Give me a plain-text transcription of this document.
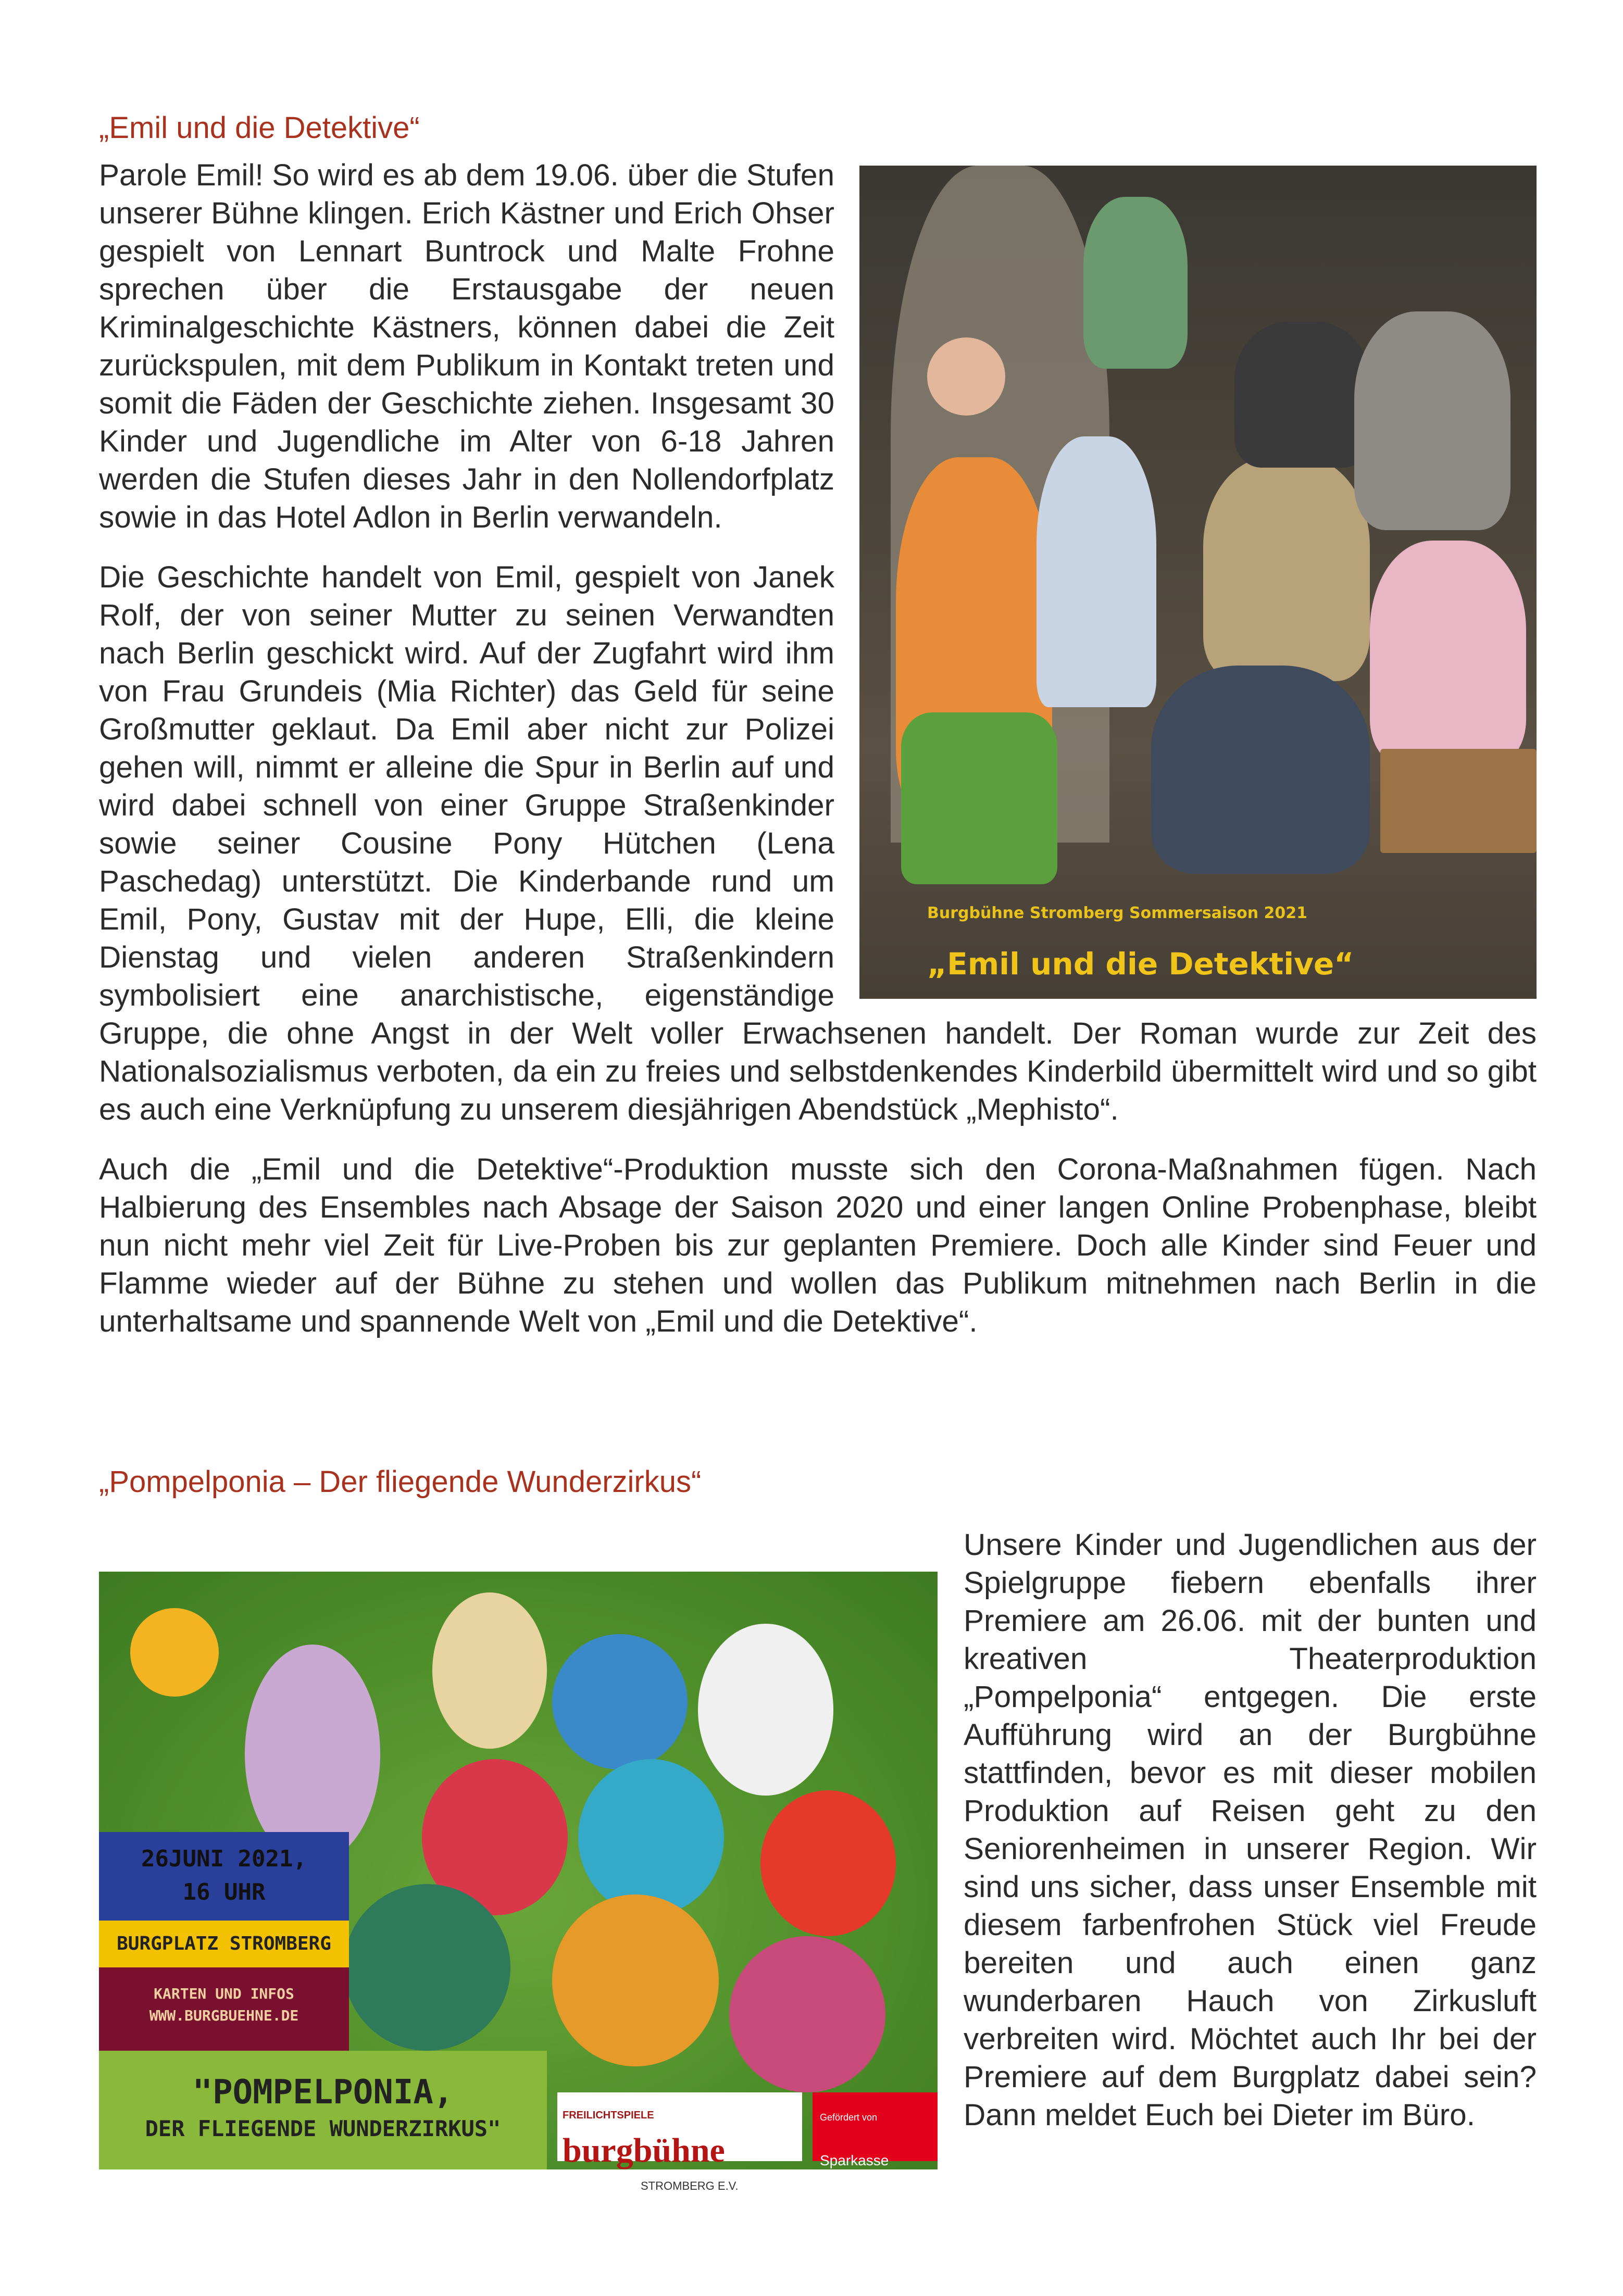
„Emil und die Detektive“
Burgbühne Stromberg Sommersaison 2021
„Emil und die Detektive“

Parole Emil! So wird es ab dem 19.06. über die Stufen unserer Bühne klingen. Erich Kästner und Erich Ohser gespielt von Lennart Buntrock und Malte Frohne sprechen über die Erstausgabe der neuen Kriminalgeschichte Kästners, können dabei die Zeit zurückspulen, mit dem Publikum in Kontakt treten und somit die Fäden der Geschichte ziehen. Insgesamt 30 Kinder und Jugendliche im Alter von 6-18 Jahren werden die Stufen dieses Jahr in den Nollendorfplatz sowie in das Hotel Adlon in Berlin verwandeln.

Die Geschichte handelt von Emil, gespielt von Janek Rolf, der von seiner Mutter zu seinen Verwandten nach Berlin geschickt wird. Auf der Zugfahrt wird ihm von Frau Grundeis (Mia Richter) das Geld für seine Großmutter geklaut. Da Emil aber nicht zur Polizei gehen will, nimmt er alleine die Spur in Berlin auf und wird dabei schnell von einer Gruppe Straßenkinder sowie seiner Cousine Pony Hütchen (Lena Paschedag) unterstützt. Die Kinderbande rund um Emil, Pony, Gustav mit der Hupe, Elli, die kleine Dienstag und vielen anderen Straßenkindern symbolisiert eine anarchistische, eigenständige Gruppe, die ohne Angst in der Welt voller Erwachsenen handelt. Der Roman wurde zur Zeit des Nationalsozialismus verboten, da ein zu freies und selbstdenkendes Kinderbild übermittelt wird und so gibt es auch eine Verknüpfung zu unserem diesjährigen Abendstück „Mephisto“.

Auch die „Emil und die Detektive“-Produktion musste sich den Corona-Maßnahmen fügen. Nach Halbierung des Ensembles nach Absage der Saison 2020 und einer langen Online Probenphase, bleibt nun nicht mehr viel Zeit für Live-Proben bis zur geplanten Premiere. Doch alle Kinder sind Feuer und Flamme wieder auf der Bühne zu stehen und wollen das Publikum mitnehmen nach Berlin in die unterhaltsame und spannende Welt von „Emil und die Detektive“.

„Pompelponia – Der fliegende Wunderzirkus“
26JUNI 2021,
16 UHR
BURGPLATZ STROMBERG
KARTEN UND INFOS
WWW.BURGBUEHNE.DE
"POMPELPONIA,
DER FLIEGENDE WUNDERZIRKUS"
FREILICHTSPIELE
burgbühne
STROMBERG E.V.
Gefördert von
Sparkasse Münsterland Ost

Unsere Kinder und Jugendlichen aus der Spielgruppe fiebern ebenfalls ihrer Premiere am 26.06. mit der bunten und kreativen Theaterproduktion „Pompelponia“ entgegen. Die erste Aufführung wird an der Burgbühne stattfinden, bevor es mit dieser mobilen Produktion auf Reisen geht zu den Seniorenheimen in unserer Region. Wir sind uns sicher, dass unser Ensemble mit diesem farbenfrohen Stück viel Freude bereiten und auch einen ganz wunderbaren Hauch von Zirkusluft verbreiten wird. Möchtet auch Ihr bei der Premiere auf dem Burgplatz dabei sein? Dann meldet Euch bei Dieter im Büro.
